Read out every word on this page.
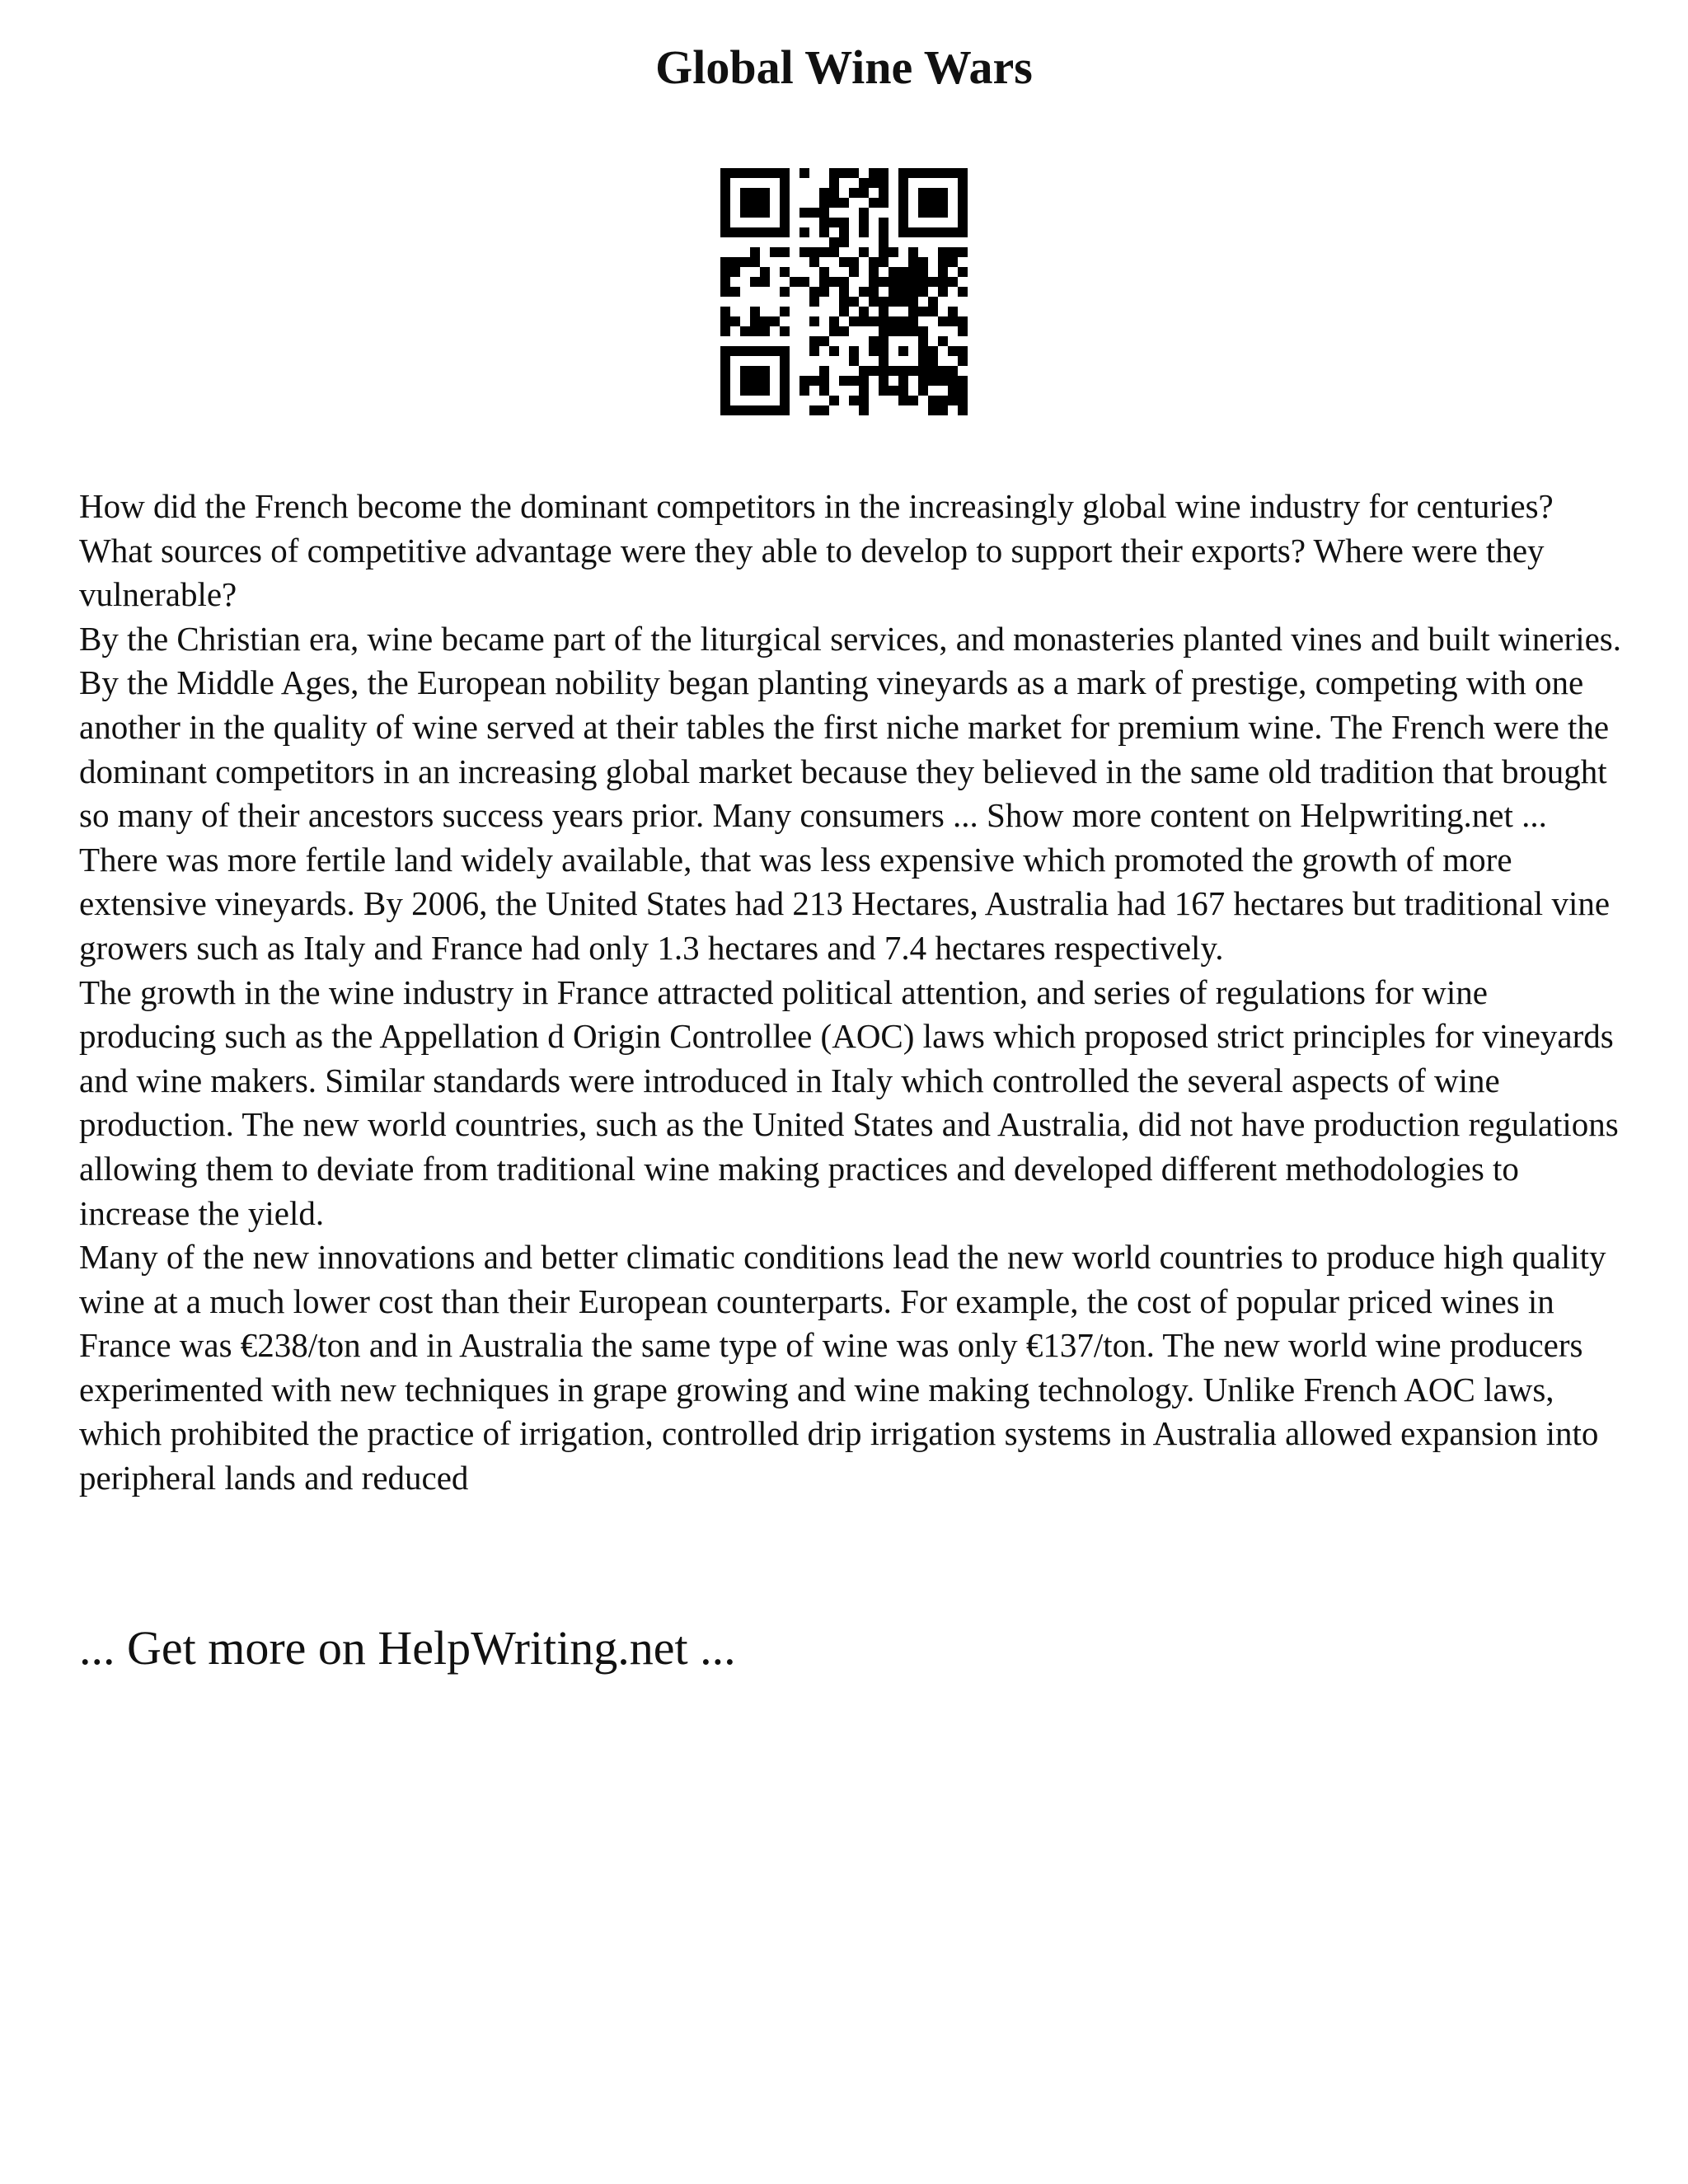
Global Wine Wars

How did the French become the dominant competitors in the increasingly global wine industry for centuries? What sources of competitive advantage were they able to develop to support their exports? Where were they vulnerable?

By the Christian era, wine became part of the liturgical services, and monasteries planted vines and built wineries. By the Middle Ages, the European nobility began planting vineyards as a mark of prestige, competing with one another in the quality of wine served at their tables the first niche market for premium wine. The French were the dominant competitors in an increasing global market because they believed in the same old tradition that brought so many of their ancestors success years prior. Many consumers ... Show more content on Helpwriting.net ...

There was more fertile land widely available, that was less expensive which promoted the growth of more extensive vineyards. By 2006, the United States had 213 Hectares, Australia had 167 hectares but traditional vine growers such as Italy and France had only 1.3 hectares and 7.4 hectares respectively.

The growth in the wine industry in France attracted political attention, and series of regulations for wine producing such as the Appellation d Origin Controllee (AOC) laws which proposed strict principles for vineyards and wine makers. Similar standards were introduced in Italy which controlled the several aspects of wine production. The new world countries, such as the United States and Australia, did not have production regulations allowing them to deviate from traditional wine making practices and developed different methodologies to increase the yield.

Many of the new innovations and better climatic conditions lead the new world countries to produce high quality wine at a much lower cost than their European counterparts. For example, the cost of popular priced wines in France was €238/ton and in Australia the same type of wine was only €137/ton. The new world wine producers experimented with new techniques in grape growing and wine making technology. Unlike French AOC laws, which prohibited the practice of irrigation, controlled drip irrigation systems in Australia allowed expansion into peripheral lands and reduced

... Get more on HelpWriting.net ...
